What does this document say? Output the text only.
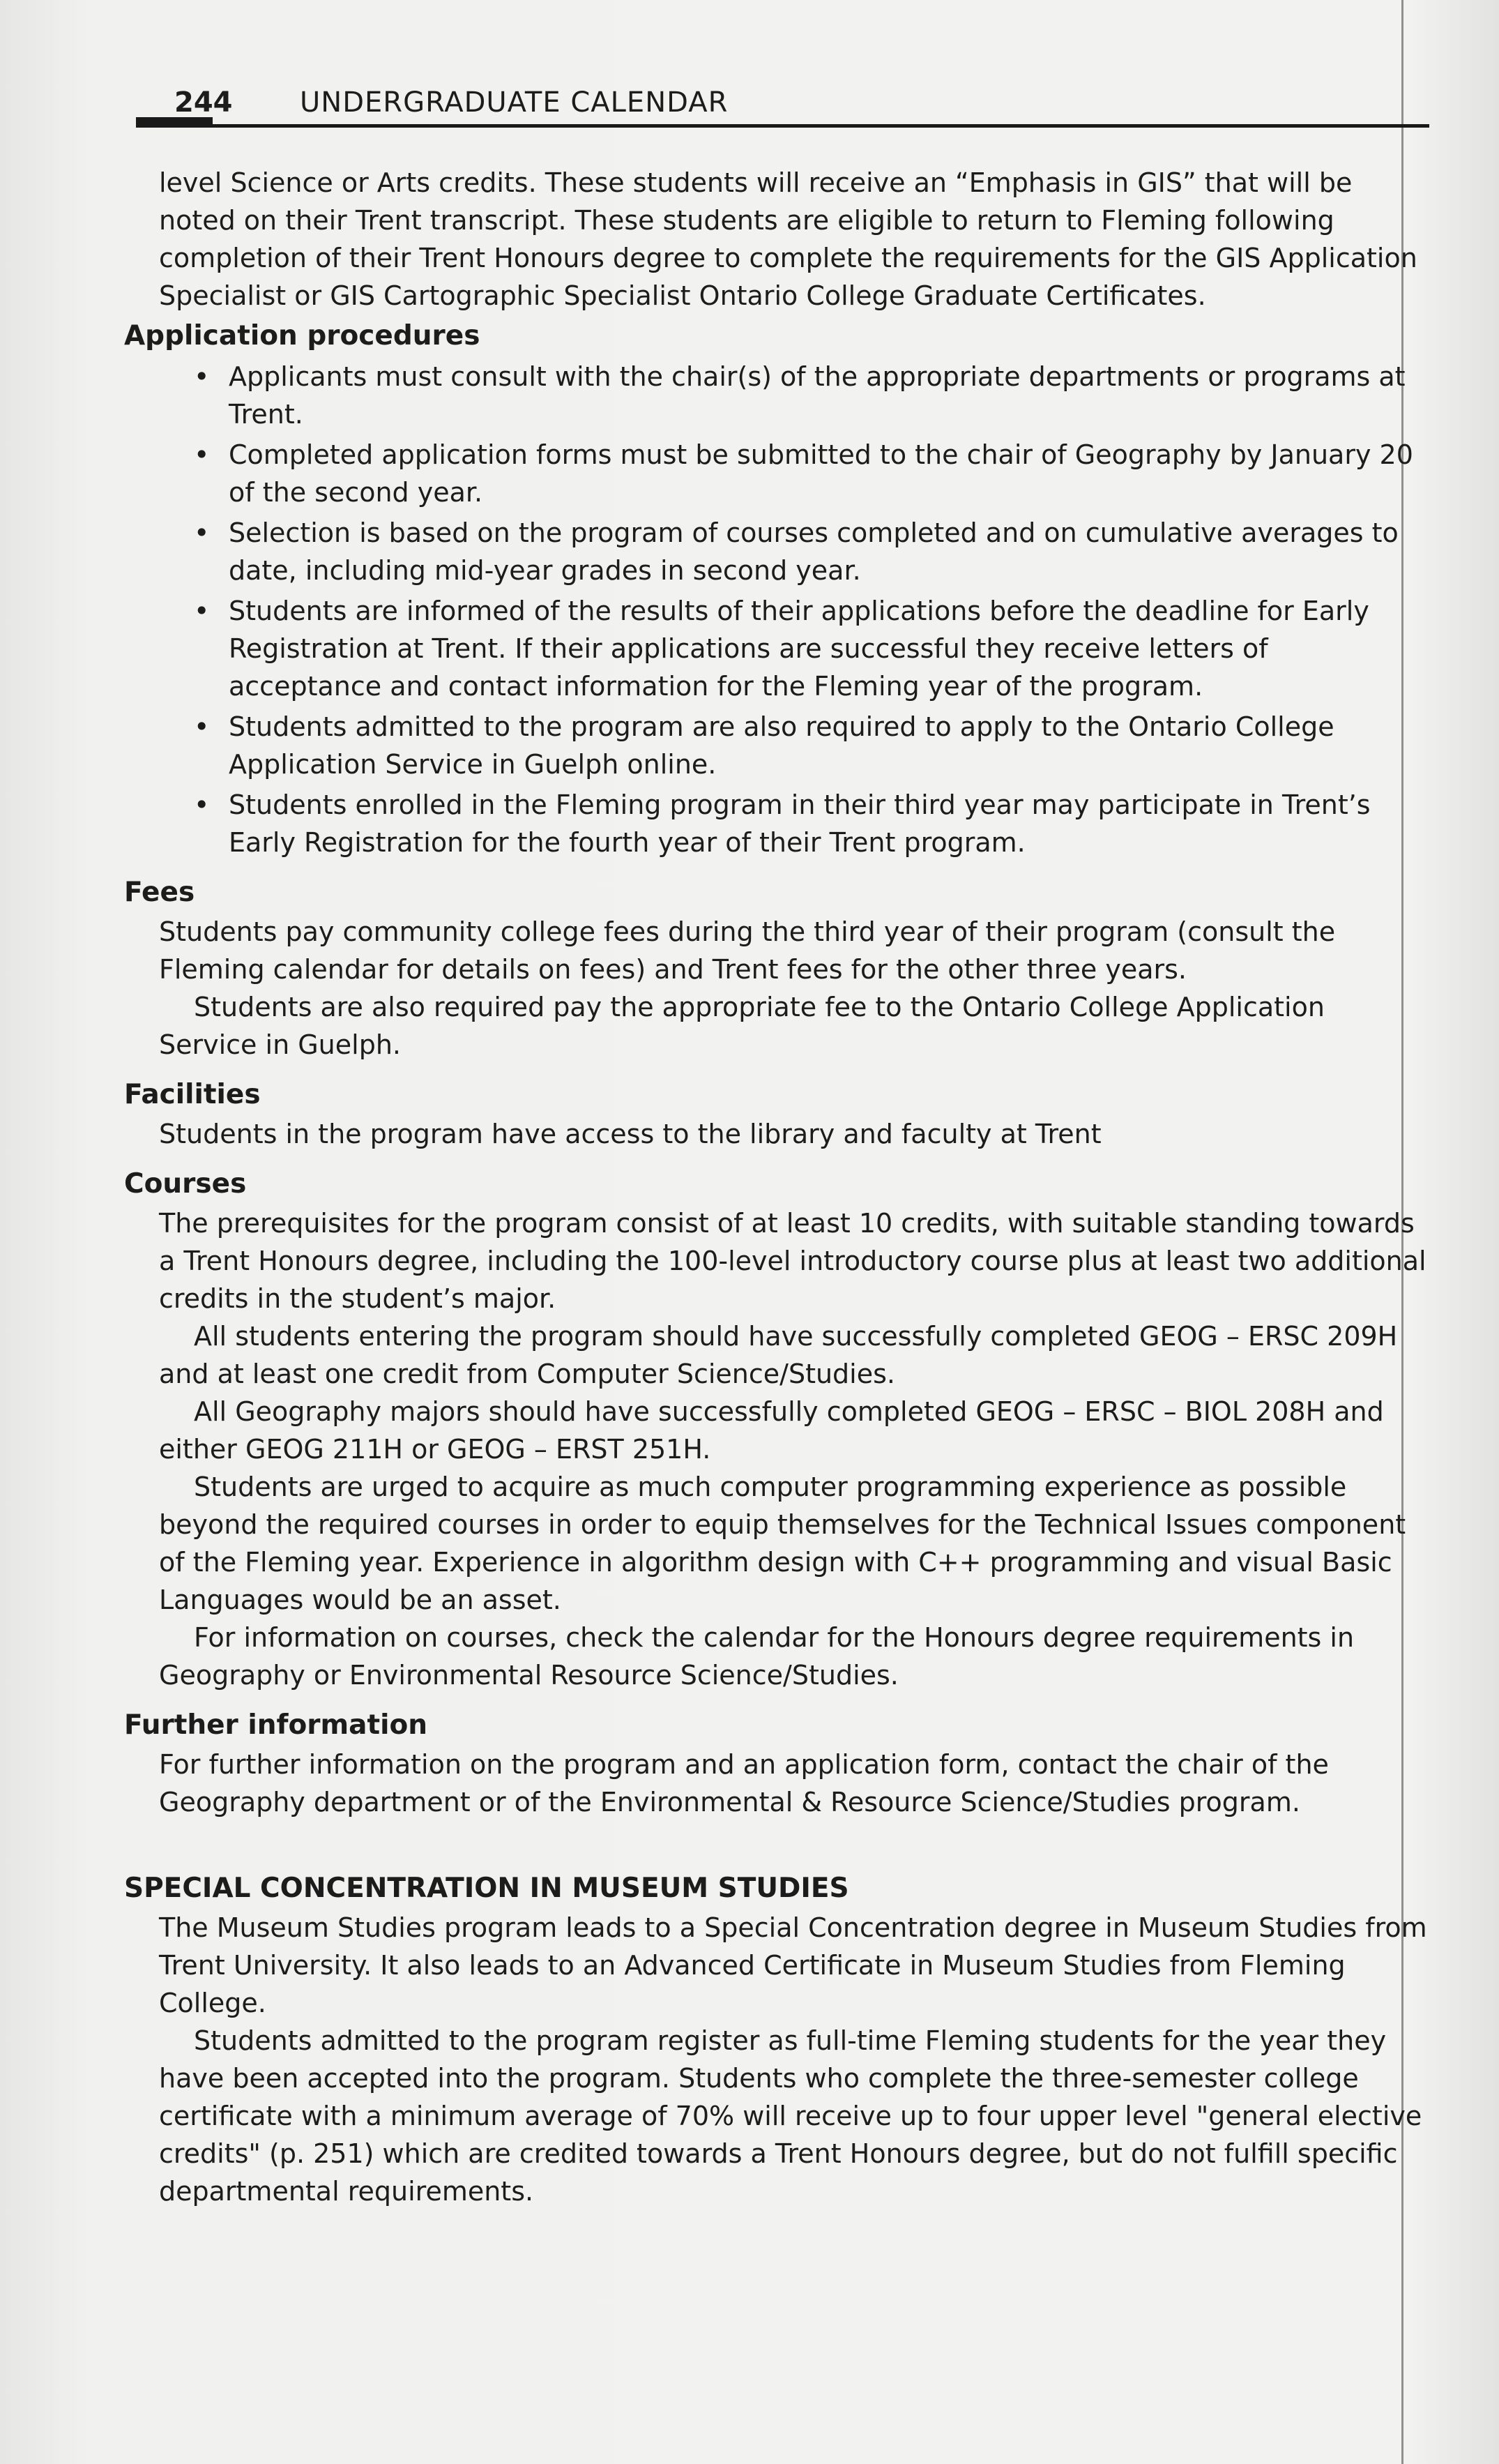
244 UNDERGRADUATE CALENDAR

level Science or Arts credits. These students will receive an “Emphasis in GIS” that will be noted on their Trent transcript. These students are eligible to return to Fleming following completion of their Trent Honours degree to complete the requirements for the GIS Application Specialist or GIS Cartographic Specialist Ontario College Graduate Certificates.

Application procedures
• Applicants must consult with the chair(s) of the appropriate departments or programs at Trent.
• Completed application forms must be submitted to the chair of Geography by January 20 of the second year.
• Selection is based on the program of courses completed and on cumulative averages to date, including mid-year grades in second year.
• Students are informed of the results of their applications before the deadline for Early Registration at Trent. If their applications are successful they receive letters of acceptance and contact information for the Fleming year of the program.
• Students admitted to the program are also required to apply to the Ontario College Application Service in Guelph online.
• Students enrolled in the Fleming program in their third year may participate in Trent’s Early Registration for the fourth year of their Trent program.
Fees

Students pay community college fees during the third year of their program (consult the Fleming calendar for details on fees) and Trent fees for the other three years.

Students are also required pay the appropriate fee to the Ontario College Application Service in Guelph.

Facilities

Students in the program have access to the library and faculty at Trent

Courses

The prerequisites for the program consist of at least 10 credits, with suitable standing towards a Trent Honours degree, including the 100-level introductory course plus at least two additional credits in the student’s major.

All students entering the program should have successfully completed GEOG – ERSC 209H and at least one credit from Computer Science/Studies.

All Geography majors should have successfully completed GEOG – ERSC – BIOL 208H and either GEOG 211H or GEOG – ERST 251H.

Students are urged to acquire as much computer programming experience as possible beyond the required courses in order to equip themselves for the Technical Issues component of the Fleming year. Experience in algorithm design with C++ programming and visual Basic Languages would be an asset.

For information on courses, check the calendar for the Honours degree requirements in Geography or Environmental Resource Science/Studies.

Further information

For further information on the program and an application form, contact the chair of the Geography department or of the Environmental & Resource Science/Studies program.

SPECIAL CONCENTRATION IN MUSEUM STUDIES

The Museum Studies program leads to a Special Concentration degree in Museum Studies from Trent University. It also leads to an Advanced Certificate in Museum Studies from Fleming College.

Students admitted to the program register as full-time Fleming students for the year they have been accepted into the program. Students who complete the three-semester college certificate with a minimum average of 70% will receive up to four upper level "general elective credits" (p. 251) which are credited towards a Trent Honours degree, but do not fulfill specific departmental requirements.
